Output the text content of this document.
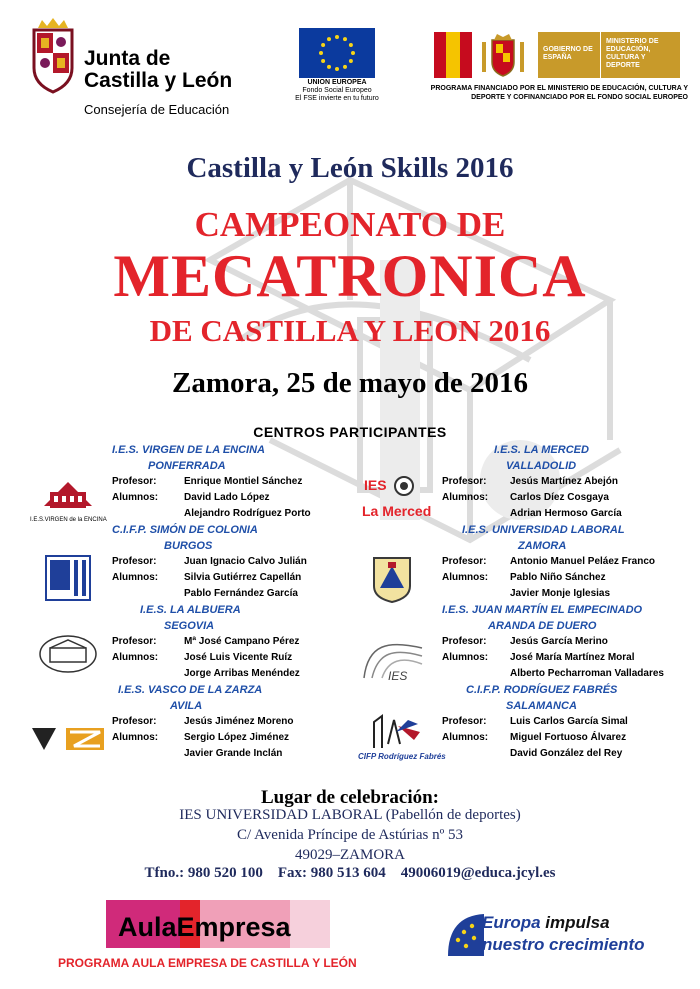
Junta de
Castilla y León
Consejería de Educación
UNION EUROPEA
Fondo Social Europeo
El FSE invierte en tu futuro
GOBIERNO DE ESPAÑA
MINISTERIO DE EDUCACIÓN, CULTURA Y DEPORTE
PROGRAMA FINANCIADO POR EL MINISTERIO DE EDUCACIÓN, CULTURA Y DEPORTE Y COFINANCIADO POR EL FONDO SOCIAL EUROPEO
Castilla y León Skills 2016
CAMPEONATO DE
MECATRONICA
DE CASTILLA Y LEON 2016
Zamora, 25 de mayo de 2016
CENTROS PARTICIPANTES
I.E.S. VIRGEN DE LA ENCINA
PONFERRADA
I.E.S.VIRGEN de la ENCINA
Profesor:	Enrique Montiel Sánchez
Alumnos:	David Lado López
Alejandro Rodríguez Porto
C.I.F.P. SIMÓN DE COLONIA
BURGOS
Profesor:	Juan Ignacio Calvo Julián
Alumnos:	Silvia Gutiérrez Capellán
Pablo Fernández García
I.E.S. LA ALBUERA
SEGOVIA
Profesor:	Mª José Campano Pérez
Alumnos:	José Luis Vicente Ruíz
Jorge Arribas Menéndez
I.E.S. VASCO DE LA ZARZA
AVILA
Profesor:	Jesús Jiménez Moreno
Alumnos:	Sergio López Jiménez
Javier Grande Inclán
I.E.S. LA MERCED
VALLADOLID
IES
La Merced
Profesor: Jesús Martínez Abejón
Alumnos: Carlos Díez Cosgaya
Adrian Hermoso García
I.E.S. UNIVERSIDAD LABORAL
ZAMORA
Profesor: Antonio Manuel Peláez Franco
Alumnos: Pablo Niño Sánchez
Javier Monje Iglesias
I.E.S. JUAN MARTÍN EL EMPECINADO
ARANDA DE DUERO
IES
Profesor: Jesús García Merino
Alumnos: José María Martínez Moral
Alberto Pecharroman Valladares
C.I.F.P. RODRÍGUEZ FABRÉS
SALAMANCA
CIFP Rodríguez Fabrés
Profesor: Luis Carlos García Simal
Alumnos: Miguel Fortuoso Álvarez
David González del Rey
Lugar de celebración:
IES UNIVERSIDAD LABORAL (Pabellón de deportes)
C/ Avenida Príncipe de Astúrias nº 53
49029–ZAMORA
Tfno.: 980 520 100    Fax: 980 513 604    49006019@educa.jcyl.es
AulaEmpresa
PROGRAMA AULA EMPRESA DE CASTILLA Y LEÓN
Europa impulsa
nuestro crecimiento
